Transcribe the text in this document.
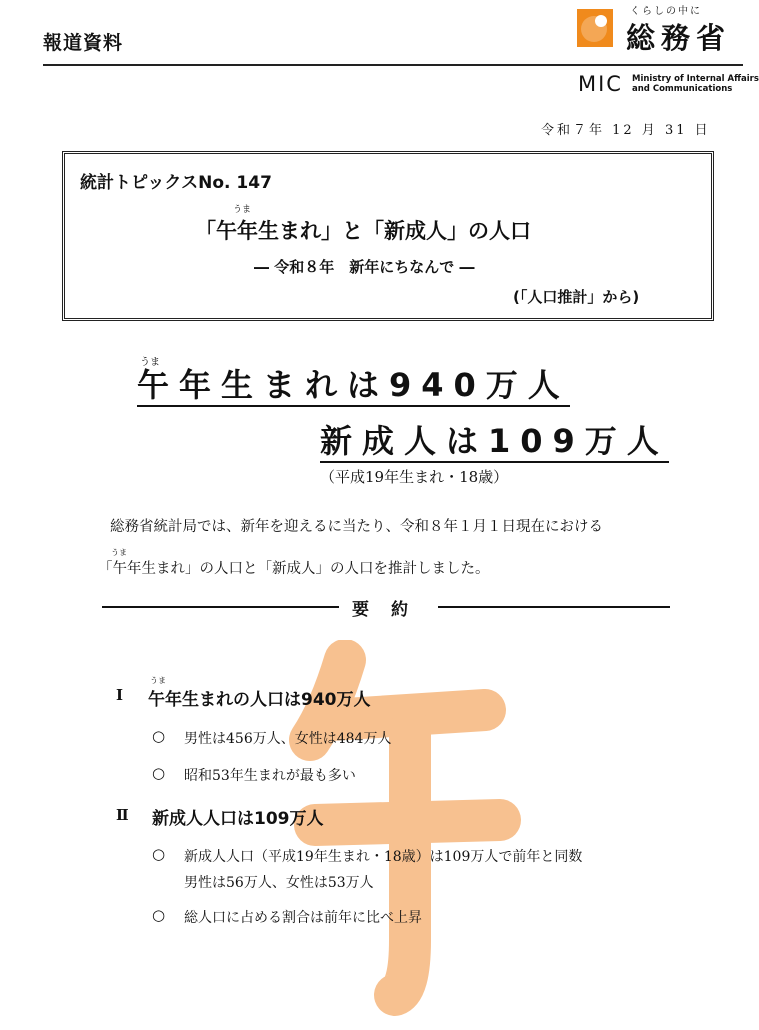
報道資料
くらしの中に
総務省
MIC Ministry of Internal Affairs
and Communications
令和７年 12 月 31 日
統計トピックスNo. 147
うま
「午年生まれ」と「新成人」の人口
― 令和８年　新年にちなんで ―
(「人口推計」から)
うま
午年生まれは940万人
新成人は109万人
（平成19年生まれ・18歳）
総務省統計局では、新年を迎えるに当たり、令和８年１月１日現在における
うま
「午年生まれ」の人口と「新成人」の人口を推計しました。
要約
Ⅰ
うま
午年生まれの人口は940万人
○ 男性は456万人、女性は484万人
○ 昭和53年生まれが最も多い
Ⅱ 新成人人口は109万人
○ 新成人人口（平成19年生まれ・18歳）は109万人で前年と同数
男性は56万人、女性は53万人
○ 総人口に占める割合は前年に比べ上昇
